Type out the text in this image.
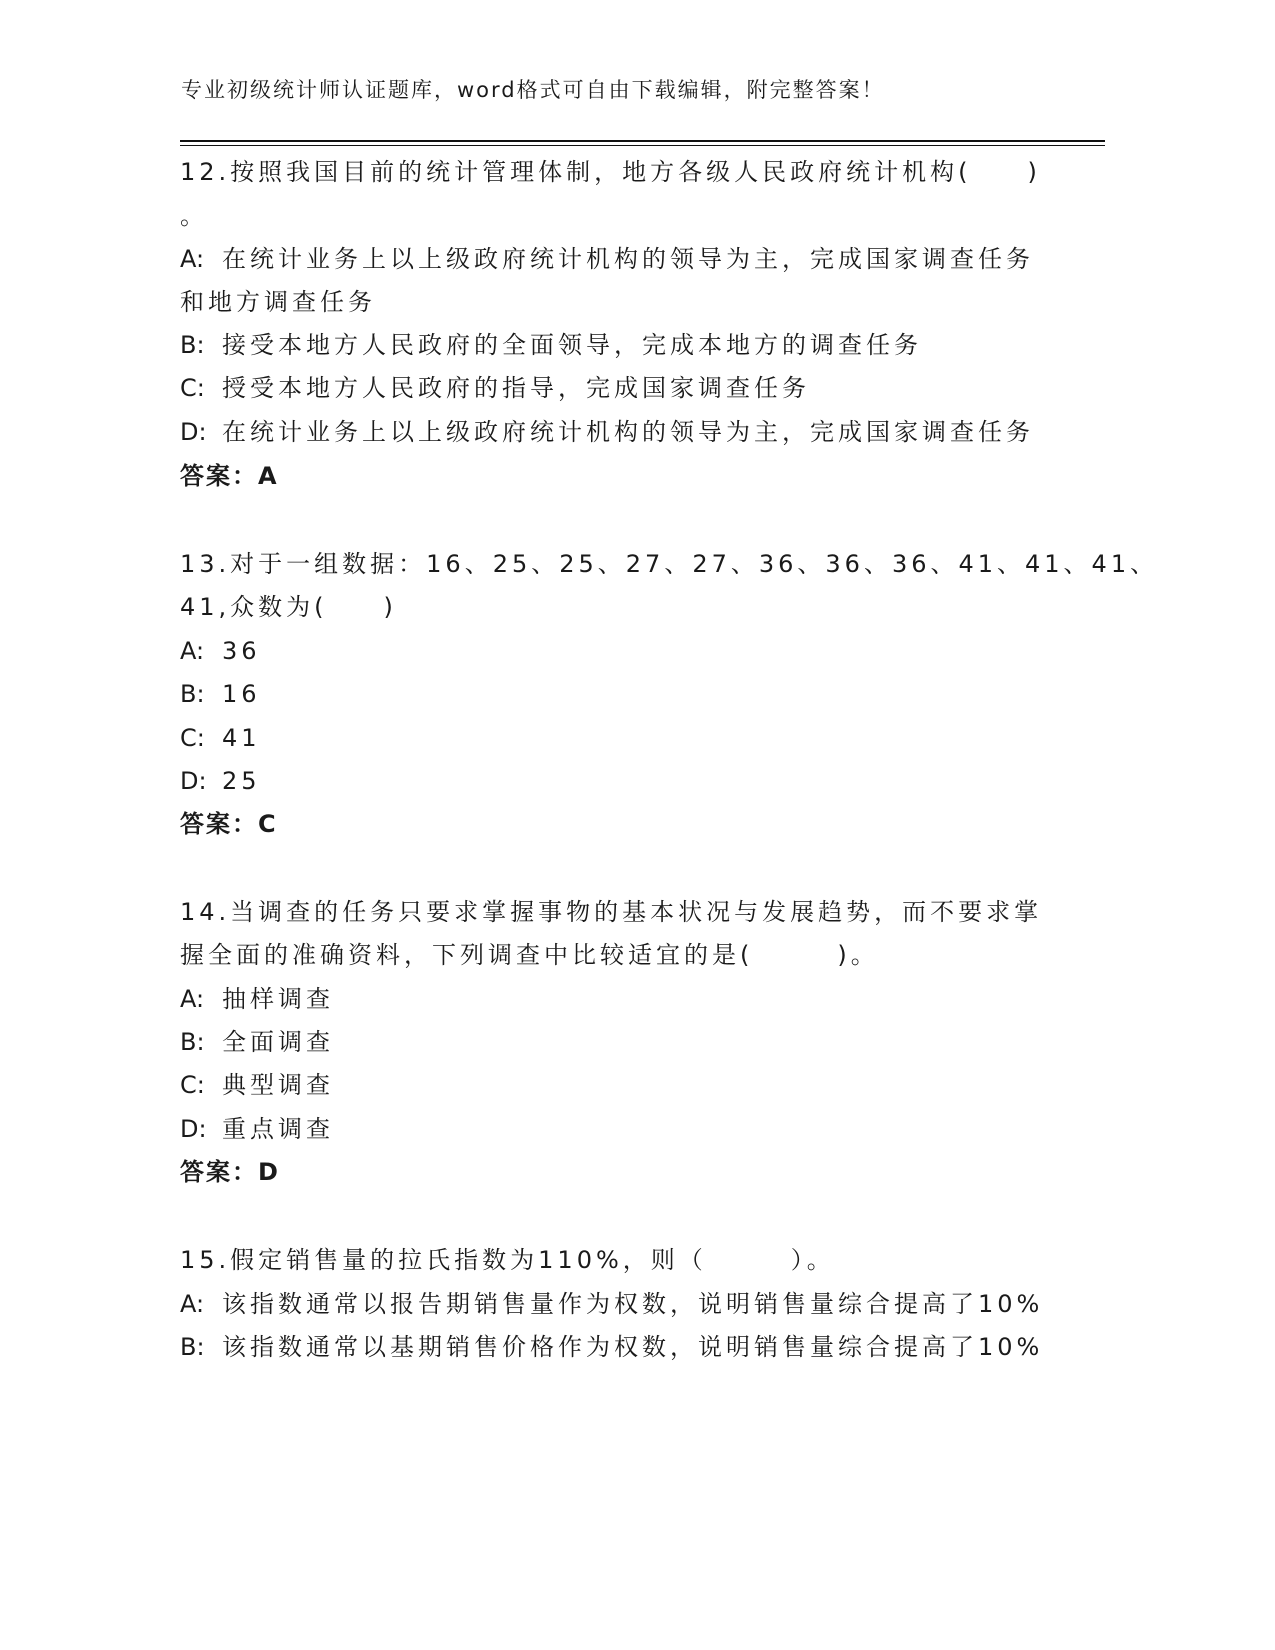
专业初级统计师认证题库，word格式可自由下载编辑，附完整答案！
12.按照我国目前的统计管理体制，地方各级人民政府统计机构(　　)
。
A: 在统计业务上以上级政府统计机构的领导为主，完成国家调查任务
和地方调查任务
B: 接受本地方人民政府的全面领导，完成本地方的调查任务
C: 授受本地方人民政府的指导，完成国家调查任务
D: 在统计业务上以上级政府统计机构的领导为主，完成国家调查任务
答案：A
13.对于一组数据：16、25、25、27、27、36、36、36、41、41、41、
41,众数为(　　)
A: 36
B: 16
C: 41
D: 25
答案：C
14.当调查的任务只要求掌握事物的基本状况与发展趋势，而不要求掌
握全面的准确资料，下列调查中比较适宜的是(　　　)。
A: 抽样调查
B: 全面调查
C: 典型调查
D: 重点调查
答案：D
15.假定销售量的拉氏指数为110%，则（　　　）。
A: 该指数通常以报告期销售量作为权数，说明销售量综合提高了10%
B: 该指数通常以基期销售价格作为权数，说明销售量综合提高了10%
